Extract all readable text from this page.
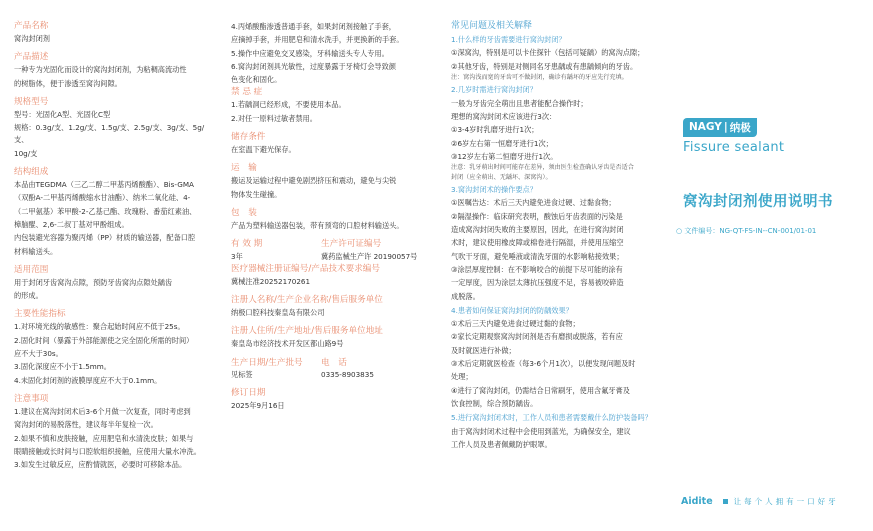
产品名称
窝沟封闭剂
产品描述
一种专为光固化而设计的窝沟封闭剂，为粘稠高流动性
的树脂体，便于渗透至窝沟间隙。
规格型号
型号：光固化A型、光固化C型
规格：0.3g/支、1.2g/支、1.5g/支、2.5g/支、3g/支、5g/支、
10g/支
结构组成
本品由TEGDMA（三乙二醇二甲基丙烯酸酯）、Bis-GMA
（双酚A-二甲基丙烯酸缩水甘油酯）、纳米二氧化硅、4-
（二甲氨基）苯甲酸-2-乙基己酯、玫瑰粉、番茄红素油、
樟脑醌、2,6-二叔丁基对甲酚组成。
内包装避光容器为聚丙烯（PP）材质的输送器，配备口腔
材料输送头。
适用范围
用于封闭牙齿窝沟点隙，预防牙齿窝沟点隙处龋齿
的形成。
主要性能指标
1.对环境光线的敏感性：聚合起始时间应不低于25s。
2.固化时间（暴露于外部能源使之完全固化所需的时间）
应不大于30s。
3.固化深度应不小于1.5mm。
4.未固化封闭剂的液膜厚度应不大于0.1mm。
注意事项
1.建议在窝沟封闭术后3-6个月做一次复查，同时考虑到
窝沟封闭的易脱落性，建议每半年复检一次。
2.如果不慎和皮肤接触，应用肥皂和水清洗皮肤；如果与
眼睛接触或长时间与口腔软组织接触，应使用大量水冲洗。
3.如发生过敏反应，应酌情就医，必要时可移除本品。
4.丙烯酸酯渗透普通手套，如果封闭剂接触了手套，
应摘掉手套，并用肥皂和清水洗手，并更换新的手套。
5.操作中应避免交叉感染，牙科输送头专人专用。
6.窝沟封闭剂具光敏性，过度暴露于牙椅灯会导致颜
色变化和固化。
禁 忌 症
1.若龋洞已经形成，不要使用本品。
2.对任一原料过敏者禁用。
储存条件
在室温下避光保存。
运　输
搬运及运输过程中避免剧烈挤压和震动，避免与尖锐
物体发生碰撞。
包　装
产品为塑料输送器包装，带有预弯的口腔材料输送头。
有 效 期	生产许可证编号
3年	冀药监械生产许 20190057号
医疗器械注册证编号/产品技术要求编号
冀械注准20252170261
注册人名称/生产企业名称/售后服务单位
纳极口腔科技秦皇岛有限公司
注册人住所/生产地址/售后服务单位地址
秦皇岛市经济技术开发区都山路9号
生产日期/生产批号	电　话
见标签	0335-8903835
修订日期
2025年9月16日
常见问题及相关解释
1.什么样的牙齿需要进行窝沟封闭？
①深窝沟，特别是可以卡住探针（包括可疑龋）的窝沟点隙；
②其他牙齿，特别是对侧同名牙患龋或有患龋倾向的牙齿。
注：窝沟浅而宽的牙齿可不做封闭，确诊有龋坏的牙应先行充填。
2.几岁时需进行窝沟封闭？
一般为牙齿完全萌出且患者能配合操作时；
理想的窝沟封闭术应该进行3次：
①3-4岁时乳磨牙进行1次；
②6岁左右第一恒磨牙进行1次；
③12岁左右第二恒磨牙进行1次。
注意：乳牙萌出时间可能存在差异，须由医生检查确认牙齿是否适合
封闭（应全萌出、无龋坏、深窝沟）。
3.窝沟封闭术的操作要点？
①医嘱告达：术后三天内避免进食过硬、过黏食物；
②隔湿操作：临床研究表明，酸蚀后牙齿表面的污染是
造成窝沟封闭失败的主要原因，因此，在进行窝沟封闭
术时，建议使用橡皮障或棉卷进行隔湿，并使用压缩空
气吹干牙面，避免唾液或清洗牙面的水影响粘接效果；
③涂层厚度控制：在不影响咬合的前提下尽可能的涂有
一定厚度，因为涂层太薄抗压强度不足，容易被咬碎造
成脱落。
4.患者如何保证窝沟封闭的防龋效果？
①术后三天内避免进食过硬过黏的食物；
②家长定期观察窝沟封闭剂是否有磨损或脱落，若有应
及时就医进行补做；
③术后定期就医检查（每3-6个月1次），以便发现问题及时
处理；
④进行了窝沟封闭，仍需结合日常刷牙，使用含氟牙膏及
饮食控制，综合预防龋齿。
5.进行窝沟封闭术时，工作人员和患者需要戴什么防护装备吗？
由于窝沟封闭术过程中会使用到蓝光，为确保安全，建议
工作人员及患者佩戴防护眼罩。
NAGY | 纳极
Fissure sealant
窝沟封闭剂使用说明书
○ 文件编号：NG-QT-FS-IN--CN-001/01-01
Aidite	让每个人拥有一口好牙
